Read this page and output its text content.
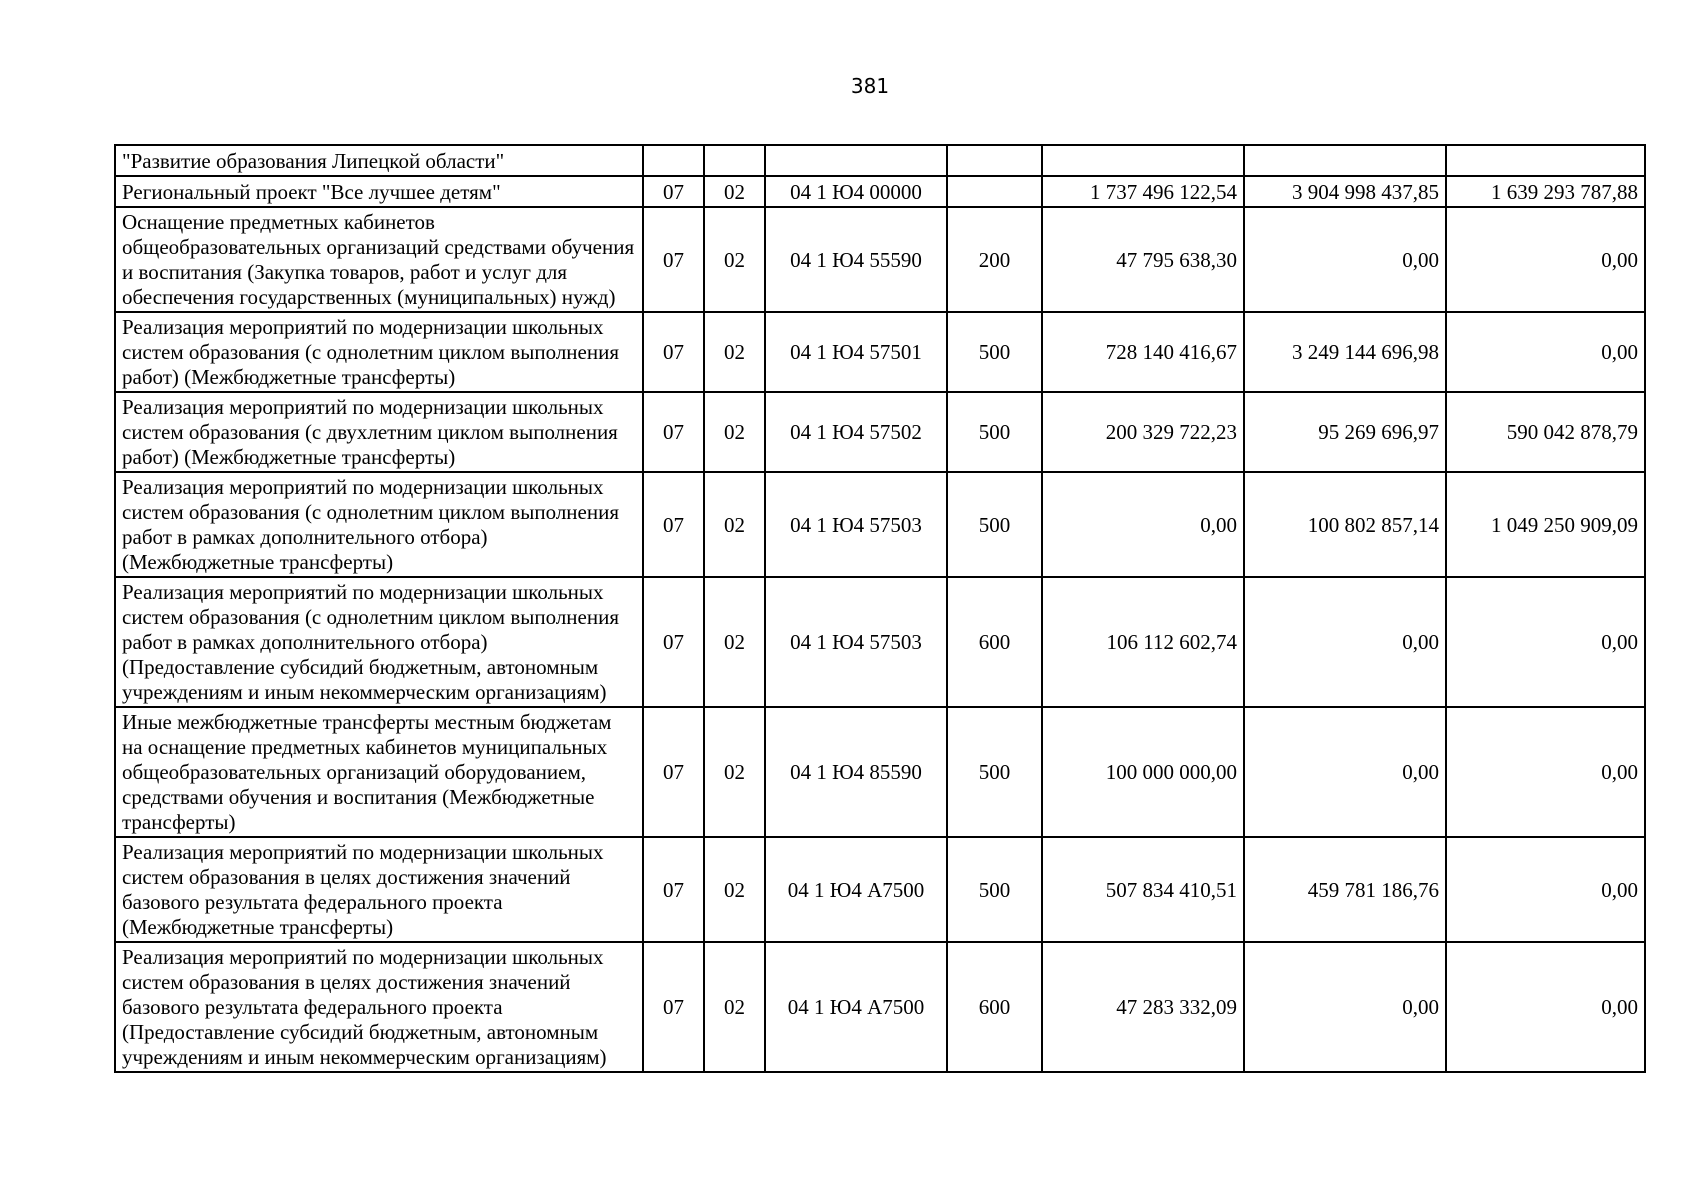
381
"Развитие образования Липецкой области"							
Региональный проект "Все лучшее детям"	07	02	04 1 Ю4 00000		1 737 496 122,54	3 904 998 437,85	1 639 293 787,88
Оснащение предметных кабинетов общеобразовательных организаций средствами обучения и воспитания (Закупка товаров, работ и услуг для обеспечения государственных (муниципальных) нужд)	07	02	04 1 Ю4 55590	200	47 795 638,30	0,00	0,00
Реализация мероприятий по модернизации школьных систем образования (с однолетним циклом выполнения работ) (Межбюджетные трансферты)	07	02	04 1 Ю4 57501	500	728 140 416,67	3 249 144 696,98	0,00
Реализация мероприятий по модернизации школьных систем образования (с двухлетним циклом выполнения работ) (Межбюджетные трансферты)	07	02	04 1 Ю4 57502	500	200 329 722,23	95 269 696,97	590 042 878,79
Реализация мероприятий по модернизации школьных систем образования (с однолетним циклом выполнения работ в рамках дополнительного отбора) (Межбюджетные трансферты)	07	02	04 1 Ю4 57503	500	0,00	100 802 857,14	1 049 250 909,09
Реализация мероприятий по модернизации школьных систем образования (с однолетним циклом выполнения работ в рамках дополнительного отбора) (Предоставление субсидий бюджетным, автономным учреждениям и иным некоммерческим организациям)	07	02	04 1 Ю4 57503	600	106 112 602,74	0,00	0,00
Иные межбюджетные трансферты местным бюджетам на оснащение предметных кабинетов муниципальных общеобразовательных организаций оборудованием, средствами обучения и воспитания (Межбюджетные трансферты)	07	02	04 1 Ю4 85590	500	100 000 000,00	0,00	0,00
Реализация мероприятий по модернизации школьных систем образования в целях достижения значений базового результата федерального проекта (Межбюджетные трансферты)	07	02	04 1 Ю4 А7500	500	507 834 410,51	459 781 186,76	0,00
Реализация мероприятий по модернизации школьных систем образования в целях достижения значений базового результата федерального проекта (Предоставление субсидий бюджетным, автономным учреждениям и иным некоммерческим организациям)	07	02	04 1 Ю4 А7500	600	47 283 332,09	0,00	0,00
